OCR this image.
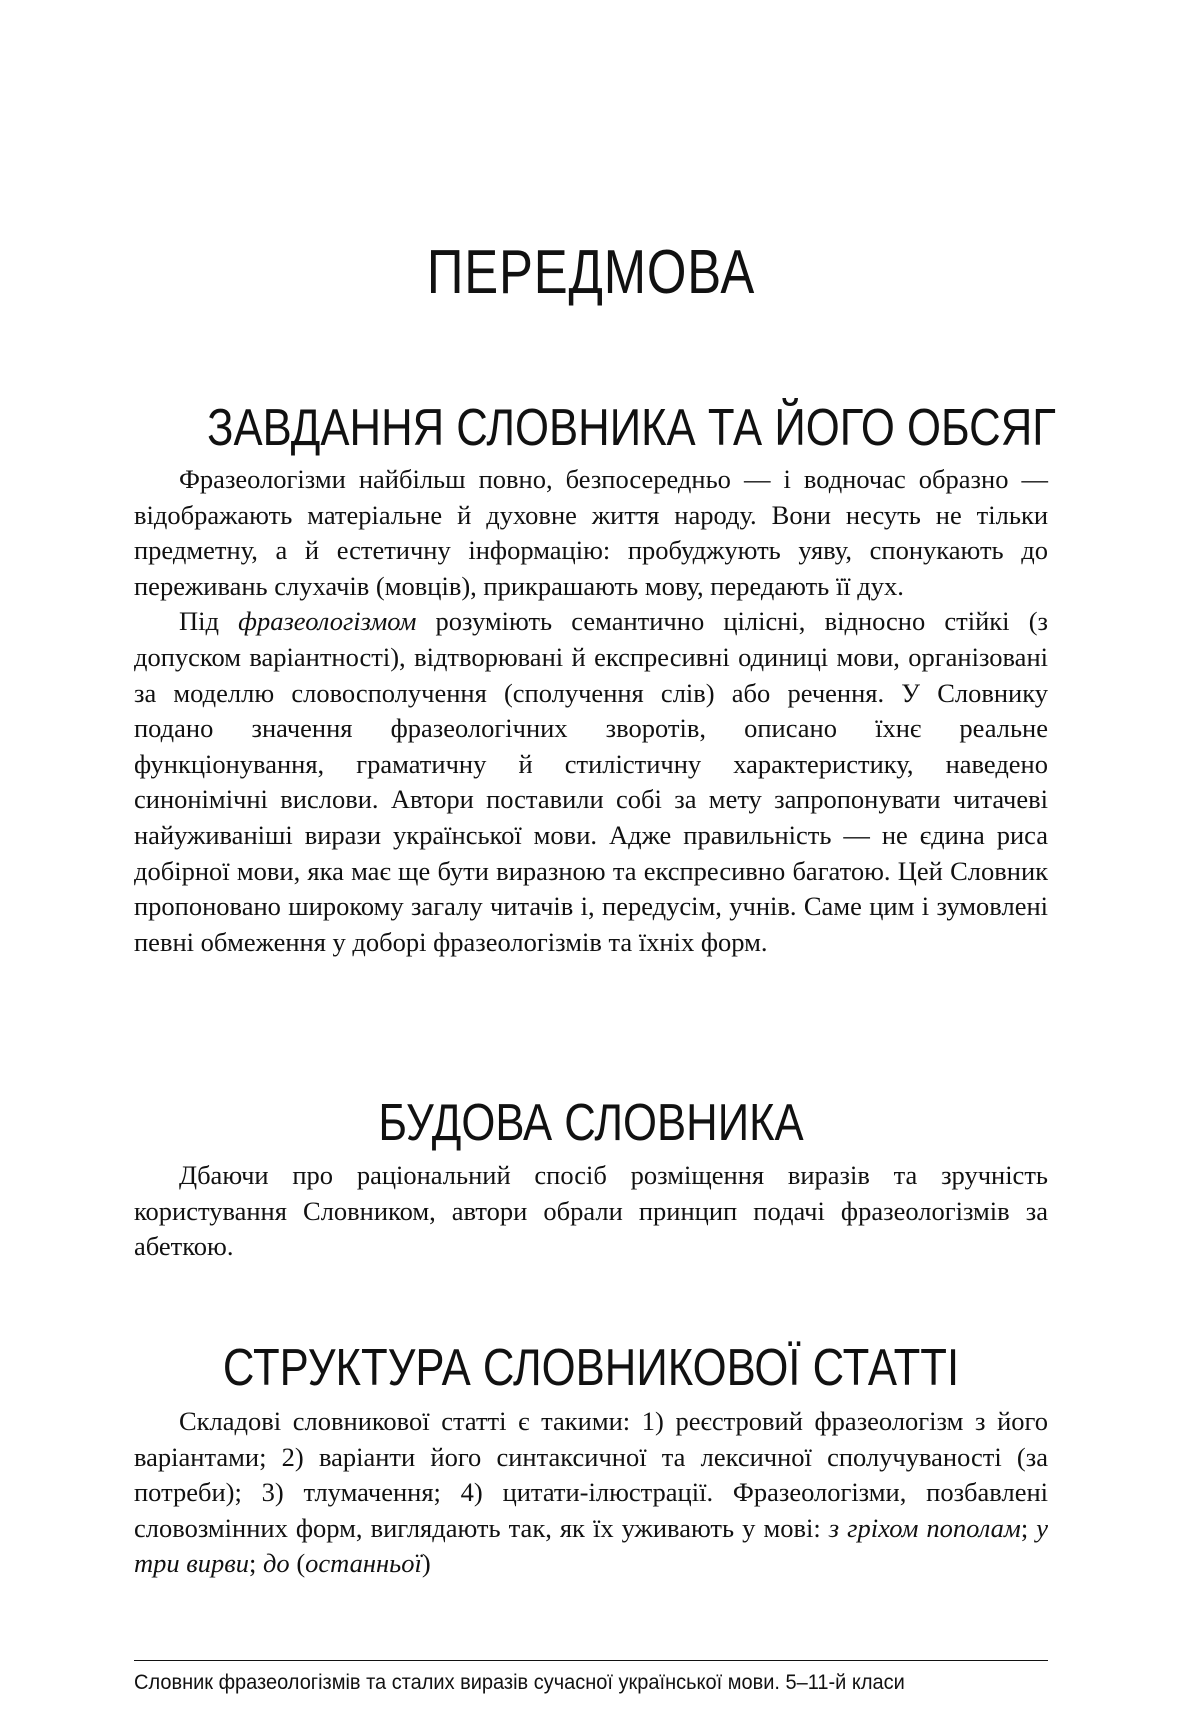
ПЕРЕДМОВА
ЗАВДАННЯ СЛОВНИКА ТА ЙОГО ОБСЯГ

Фразеологізми найбільш повно, безпосередньо — і водночас образно — відображають матеріальне й духовне життя народу. Вони несуть не тільки предметну, а й естетичну інформацію: пробуджують уяву, спонукають до переживань слухачів (мовців), прикрашають мову, передають її дух.

Під фразеологізмом розуміють семантично цілісні, відносно стійкі (з допуском варіантності), відтворювані й експресивні одиниці мови, організовані за моделлю словосполучення (сполучення слів) або речення. У Словнику подано значення фразеологічних зворотів, описано їхнє реальне функціонування, граматичну й стилістичну характеристику, наведено синонімічні вислови. Автори поставили собі за мету запропонувати читачеві найуживаніші вирази української мови. Адже правильність — не єдина риса добірної мови, яка має ще бути виразною та експресивно багатою. Цей Словник пропоновано широкому загалу читачів і, передусім, учнів. Саме цим і зумовлені певні обмеження у доборі фразеологізмів та їхніх форм.

БУДОВА СЛОВНИКА

Дбаючи про раціональний спосіб розміщення виразів та зручність користування Словником, автори обрали принцип подачі фразеологізмів за абеткою.

СТРУКТУРА СЛОВНИКОВОЇ СТАТТІ

Складові словникової статті є такими: 1) реєстровий фразеологізм з його варіантами; 2) варіанти його синтаксичної та лексичної сполучуваності (за потреби); 3) тлумачення; 4) цитати-ілюстрації. Фразеологізми, позбавлені словозмінних форм, виглядають так, як їх уживають у мові: з гріхом пополам; у три вирви; до (останньої)

Словник фразеологізмів та сталих виразів сучасної української мови. 5–11-й класи
